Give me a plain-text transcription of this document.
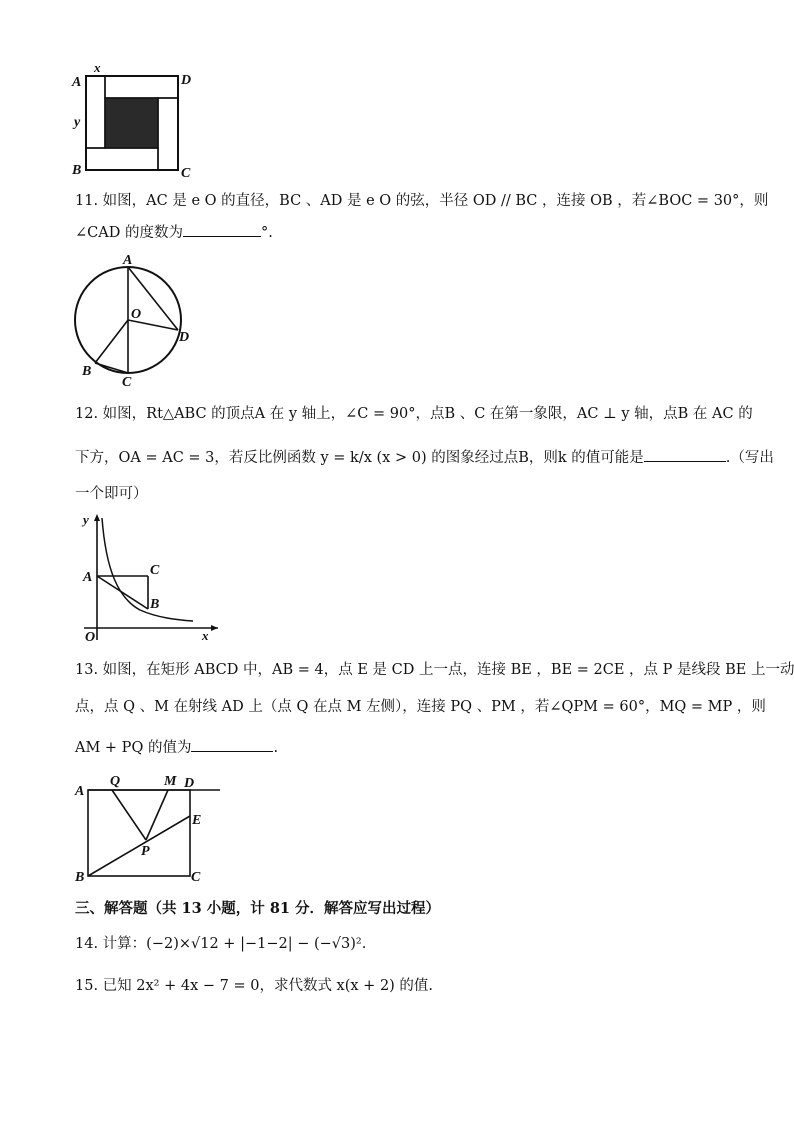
A
x
D
y
B	C
11. 如图，AC 是 e O 的直径，BC 、AD 是 e O 的弦，半径 OD // BC ，连接 OB ，若∠BOC = 30°，则
∠CAD 的度数为	°.
A
O
D
B
C
12. 如图，Rt△ABC 的顶点A 在 y 轴上，∠C = 90°，点B 、C 在第一象限，AC ⊥ y 轴，点B 在 AC 的
下方，OA = AC = 3，若反比例函数 y = k/x (x > 0) 的图象经过点B，则k 的值可能是	.（写出
一个即可）
y
A	C
B
O	x
13. 如图，在矩形 ABCD 中，AB = 4，点 E 是 CD 上一点，连接 BE ，BE = 2CE ，点 P 是线段 BE 上一动
点，点 Q 、M 在射线 AD 上（点 Q 在点 M 左侧），连接 PQ 、PM ，若∠QPM = 60°，MQ = MP ，则
AM + PQ 的值为	.
Q	M D
A
E
P
B	C
三、解答题（共 13 小题，计 81 分．解答应写出过程）
14. 计算：(−2)×√12 + |−1−2| − (−√3)².
15. 已知 2x² + 4x − 7 = 0，求代数式 x(x + 2) 的值.
